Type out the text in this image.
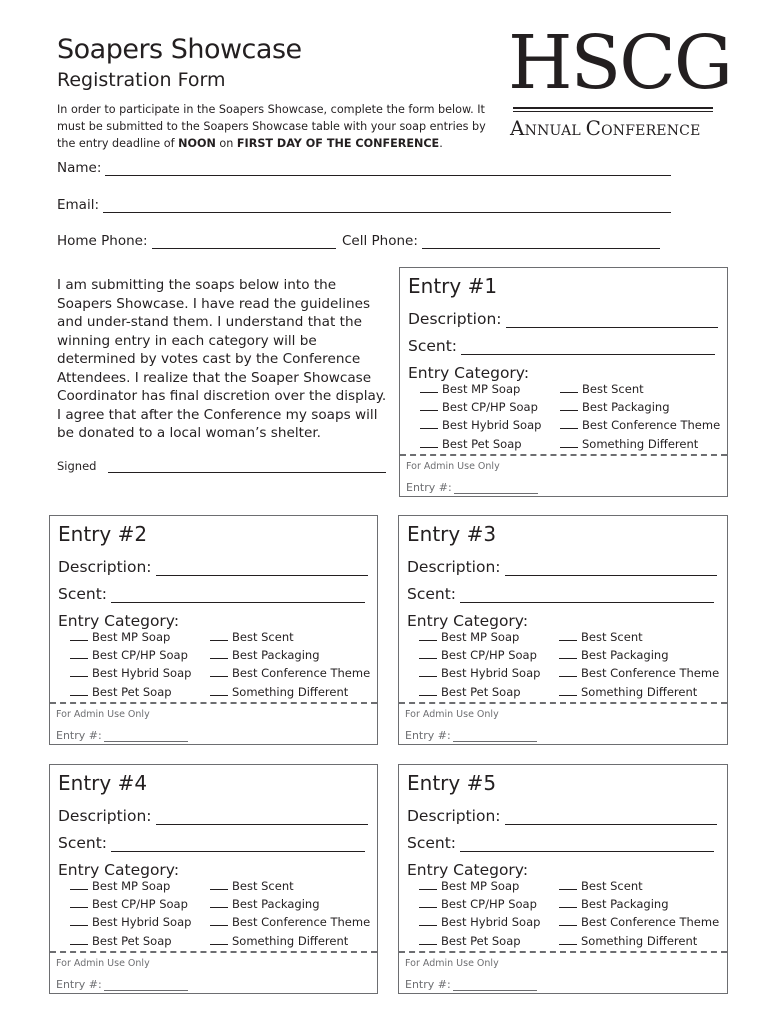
Soapers Showcase
Registration Form
In order to participate in the Soapers Showcase, complete the form below. It must be submitted to the Soapers Showcase table with your soap entries by the entry deadline of NOON on FIRST DAY OF THE CONFERENCE.
HSCG
ANNUAL CONFERENCE
Name:
Email:
Home Phone:	Cell Phone:
I am submitting the soaps below into the Soapers Showcase. I have read the guidelines and under-stand them. I understand that the winning entry in each category will be determined by votes cast by the Conference Attendees. I realize that the Soaper Showcase Coordinator has final discretion over the display. I agree that after the Conference my soaps will be donated to a local woman’s shelter.
Signed
Entry #1
Description:
Scent:
Entry Category:
Best MP Soap
Best CP/HP Soap
Best Hybrid Soap
Best Pet Soap
Best Scent
Best Packaging
Best Conference Theme
Something Different
For Admin Use Only
Entry #:
Entry #2
Description:
Scent:
Entry Category:
Best MP Soap
Best CP/HP Soap
Best Hybrid Soap
Best Pet Soap
Best Scent
Best Packaging
Best Conference Theme
Something Different
For Admin Use Only
Entry #:
Entry #3
Description:
Scent:
Entry Category:
Best MP Soap
Best CP/HP Soap
Best Hybrid Soap
Best Pet Soap
Best Scent
Best Packaging
Best Conference Theme
Something Different
For Admin Use Only
Entry #:
Entry #4
Description:
Scent:
Entry Category:
Best MP Soap
Best CP/HP Soap
Best Hybrid Soap
Best Pet Soap
Best Scent
Best Packaging
Best Conference Theme
Something Different
For Admin Use Only
Entry #:
Entry #5
Description:
Scent:
Entry Category:
Best MP Soap
Best CP/HP Soap
Best Hybrid Soap
Best Pet Soap
Best Scent
Best Packaging
Best Conference Theme
Something Different
For Admin Use Only
Entry #:
